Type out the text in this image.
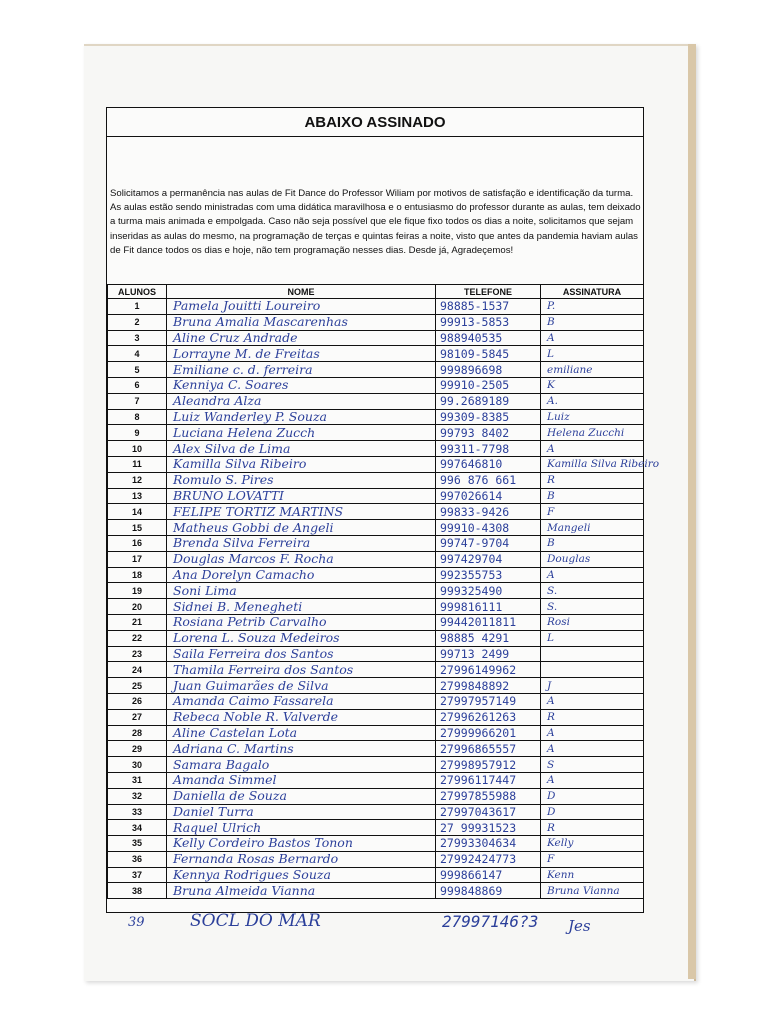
ABAIXO ASSINADO
Solicitamos a permanência nas aulas de Fit Dance do Professor Wiliam por motivos de satisfação e identificação da turma. As aulas estão sendo ministradas com uma didática maravilhosa e o entusiasmo do professor durante as aulas, tem deixado a turma mais animada e empolgada. Caso não seja possível que ele fique fixo todos os dias a noite, solicitamos que sejam inseridas as aulas do mesmo, na programação de terças e quintas feiras a noite, visto que antes da pandemia haviam aulas de Fit dance todos os dias e hoje, não tem programação nesses dias. Desde já, Agradeçemos!
ALUNOS	NOME	TELEFONE	ASSINATURA
1	Pamela Jouitti Loureiro	98885-1537	P.
2	Bruna Amalia Mascarenhas	99913-5853	B
3	Aline Cruz Andrade	988940535	A
4	Lorrayne M. de Freitas	98109-5845	L
5	Emiliane c. d. ferreira	999896698	emiliane
6	Kenniya C. Soares	99910-2505	K
7	Aleandra Alza	99.2689189	A.
8	Luiz Wanderley P. Souza	99309-8385	Luiz
9	Luciana Helena Zucch	99793 8402	Helena Zucchi
10	Alex Silva de Lima	99311-7798	A
11	Kamilla Silva Ribeiro	997646810	Kamilla Silva Ribeiro
12	Romulo S. Pires	996 876 661	R
13	BRUNO LOVATTI	997026614	B
14	FELIPE TORTIZ MARTINS	99833-9426	F
15	Matheus Gobbi de Angeli	99910-4308	Mangeli
16	Brenda Silva Ferreira	99747-9704	B
17	Douglas Marcos F. Rocha	997429704	Douglas
18	Ana Dorelyn Camacho	992355753	A
19	Soni Lima	999325490	S.
20	Sidnei B. Menegheti	999816111	S.
21	Rosiana Petrib Carvalho	99442011811	Rosi
22	Lorena L. Souza Medeiros	98885 4291	L
23	Saila Ferreira dos Santos	99713 2499	
24	Thamila Ferreira dos Santos	27996149962	
25	Juan Guimarães de Silva	2799848892	J
26	Amanda Caimo Fassarela	27997957149	A
27	Rebeca Noble R. Valverde	27996261263	R
28	Aline Castelan Lota	27999966201	A
29	Adriana C. Martins	27996865557	A
30	Samara Bagalo	27998957912	S
31	Amanda Simmel	27996117447	A
32	Daniella de Souza	27997855988	D
33	Daniel Turra	27997043617	D
34	Raquel Ulrich	27 99931523	R
35	Kelly Cordeiro Bastos Tonon	27993304634	Kelly
36	Fernanda Rosas Bernardo	27992424773	F
37	Kennya Rodrigues Souza	999866147	Kenn
38	Bruna Almeida Vianna	999848869	Bruna Vianna
39	SOCL DO MAR	27997146?3 Jes
